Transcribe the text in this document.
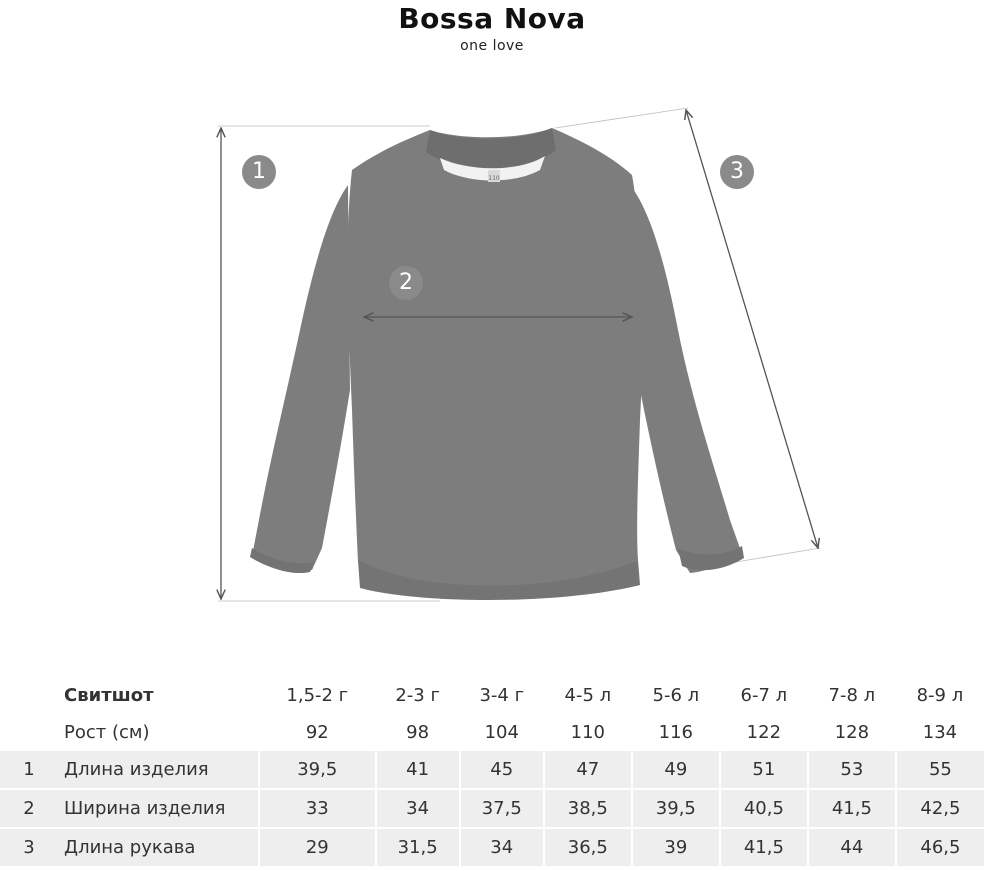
Bossa Nova
one love
110
1
2
3
	Свитшот	1,5-2 г	2-3 г	3-4 г	4-5 л	5-6 л	6-7 л	7-8 л	8-9 л
	Рост (см)	92	98	104	110	116	122	128	134
1	Длина изделия	39,5	41	45	47	49	51	53	55
2	Ширина изделия	33	34	37,5	38,5	39,5	40,5	41,5	42,5
3	Длина рукава	29	31,5	34	36,5	39	41,5	44	46,5
